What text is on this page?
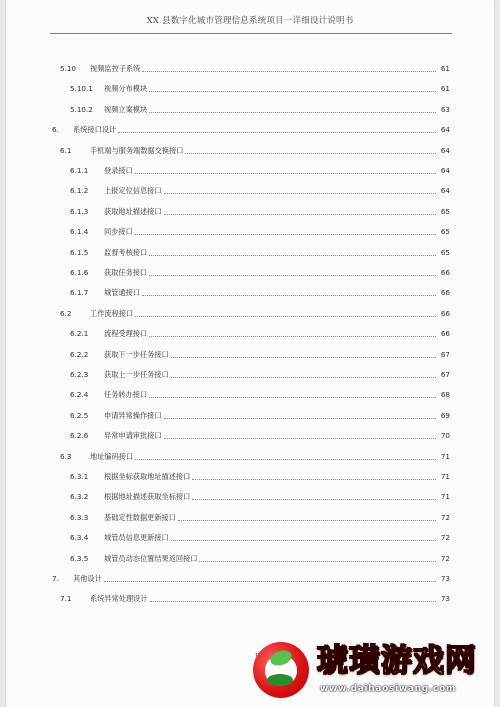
XX 县数字化城市管理信息系统项目一详细设计说明书
5.10 视频监控子系统	61
5.10.1 视频分布模块	61
5.10.2 视频立案模块	63
6. 系统接口设计	64
6.1	手机端与服务端数据交换接口	64
6.1.1 登录接口	64
6.1.2 上报定位信息接口	64
6.1.3 获取地址描述接口	65
6.1.4 同步接口	65
6.1.5 监督考核接口	65
6.1.6 获取任务接口	66
6.1.7 城管通接口	66
6.2	工作流程接口	66
6.2.1 流程受理接口	66
6.2.2 获取下一步任务接口	67
6.2.3 获取上一步任务接口	67
6.2.4 任务转办接口	68
6.2.5 申请异常操作接口	69
6.2.6 异常申请审批接口	70
6.3	地址编码接口	71
6.3.1 根据坐标获取地址描述接口	71
6.3.2 根据地址描述获取坐标接口	71
6.3.3 基础定性数据更新接口	72
6.3.4 城管员信息更新接口	72
6.3.5 城管员动态位置结果返回接口	72
7. 其他设计	73
7.1	系统异常处理设计	73
琥璜游戏网
www.daihaosiwang.com
